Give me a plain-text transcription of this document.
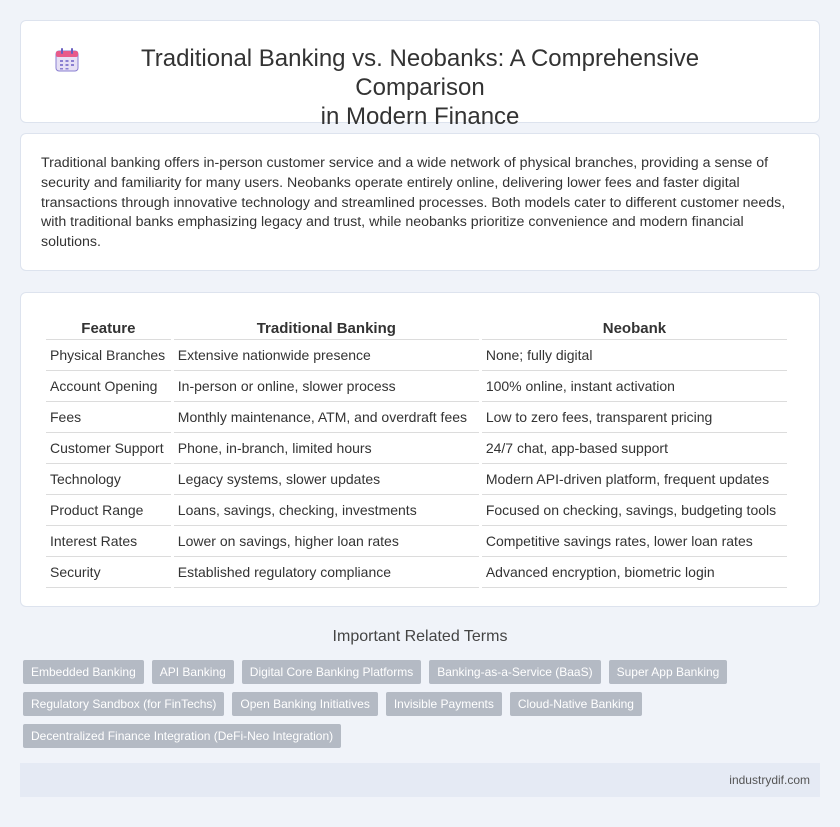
Traditional Banking vs. Neobanks: A Comprehensive Comparison
in Modern Finance

Traditional banking offers in-person customer service and a wide network of physical branches, providing a sense of security and familiarity for many users. Neobanks operate entirely online, delivering lower fees and faster digital transactions through innovative technology and streamlined processes. Both models cater to different customer needs, with traditional banks emphasizing legacy and trust, while neobanks prioritize convenience and modern financial solutions.

Feature	Traditional Banking	Neobank
Physical Branches	Extensive nationwide presence	None; fully digital
Account Opening	In-person or online, slower process	100% online, instant activation
Fees	Monthly maintenance, ATM, and overdraft fees	Low to zero fees, transparent pricing
Customer Support	Phone, in-branch, limited hours	24/7 chat, app-based support
Technology	Legacy systems, slower updates	Modern API-driven platform, frequent updates
Product Range	Loans, savings, checking, investments	Focused on checking, savings, budgeting tools
Interest Rates	Lower on savings, higher loan rates	Competitive savings rates, lower loan rates
Security	Established regulatory compliance	Advanced encryption, biometric login
Important Related Terms
Embedded Banking	API Banking	Digital Core Banking Platforms	Banking-as-a-Service (BaaS)	Super App Banking
Regulatory Sandbox (for FinTechs)	Open Banking Initiatives	Invisible Payments	Cloud-Native Banking
Decentralized Finance Integration (DeFi-Neo Integration)
industrydif.com
